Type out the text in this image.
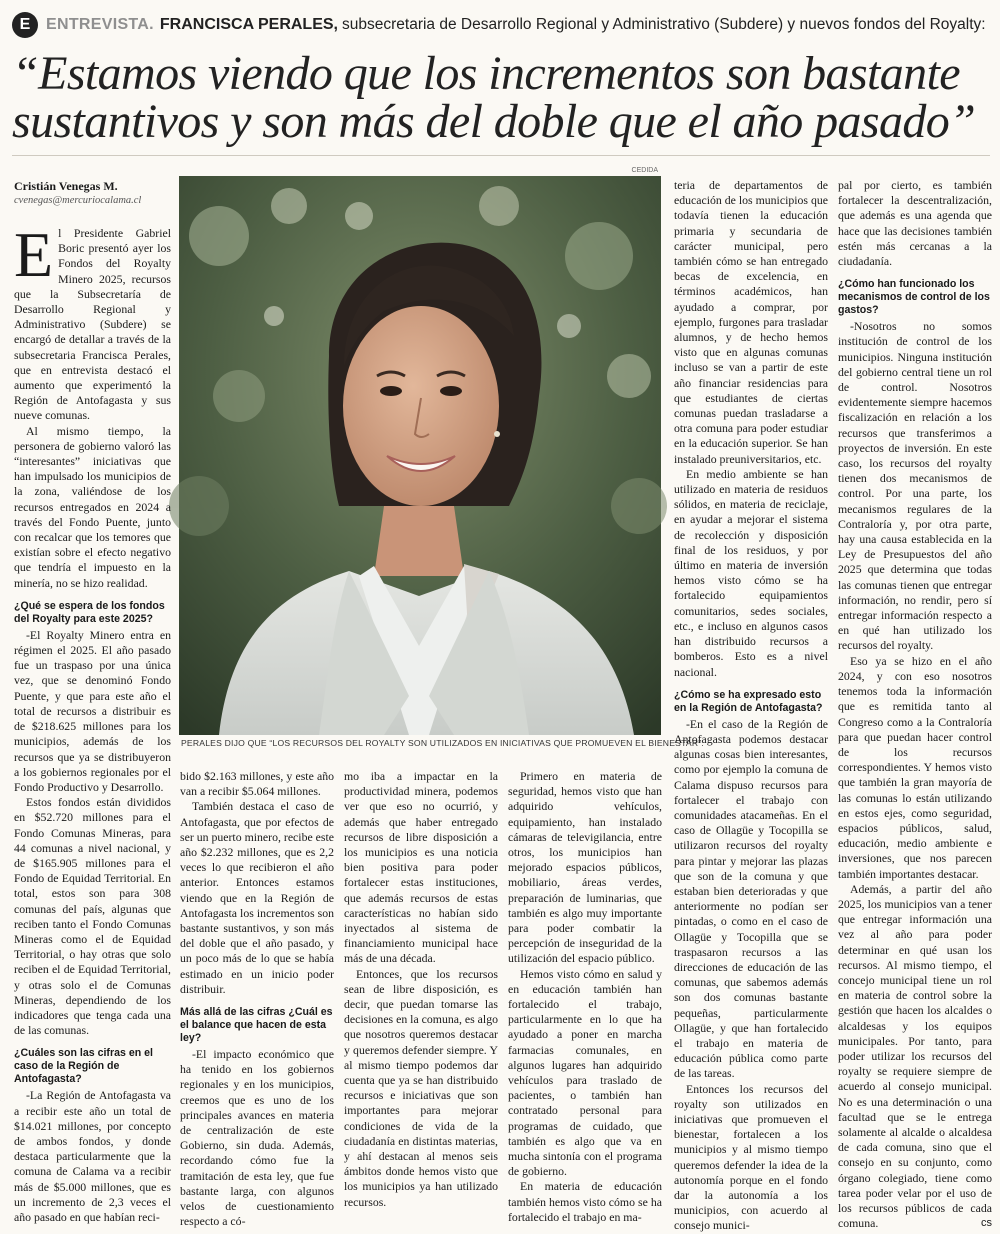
E ENTREVISTA. FRANCISCA PERALES, subsecretaria de Desarrollo Regional y Administrativo (Subdere) y nuevos fondos del Royalty:
“Estamos viendo que los incrementos son bastante
sustantivos y son más del doble que el año pasado”
Cristián Venegas M.
cvenegas@mercuriocalama.cl
CEDIDA
PERALES DIJO QUE “LOS RECURSOS DEL ROYALTY SON UTILIZADOS EN INICIATIVAS QUE PROMUEVEN EL BIENESTAR”.

El Presidente Gabriel Boric presentó ayer los Fondos del Royalty Minero 2025, recursos que la Subsecretaría de Desarrollo Regional y Administrativo (Subdere) se encargó de detallar a través de la subsecretaria Francisca Perales, que en entrevista destacó el aumento que experimentó la Región de Antofagasta y sus nueve comunas.

Al mismo tiempo, la personera de gobierno valoró las “interesantes” iniciativas que han impulsado los municipios de la zona, valiéndose de los recursos entregados en 2024 a través del Fondo Puente, junto con recalcar que los temores que existían sobre el efecto negativo que tendría el impuesto en la minería, no se hizo realidad.

¿Qué se espera de los fondos del Royalty para este 2025?

-El Royalty Minero entra en régimen el 2025. El año pasado fue un traspaso por una única vez, que se denominó Fondo Puente, y que para este año el total de recursos a distribuir es de $218.625 millones para los municipios, además de los recursos que ya se distribuyeron a los gobiernos regionales por el Fondo Productivo y Desarrollo.

Estos fondos están divididos en $52.720 millones para el Fondo Comunas Mineras, para 44 comunas a nivel nacional, y de $165.905 millones para el Fondo de Equidad Territorial. En total, estos son para 308 comunas del país, algunas que reciben tanto el Fondo Comunas Mineras como el de Equidad Territorial, o hay otras que solo reciben el de Equidad Territorial, y otras solo el de Comunas Mineras, dependiendo de los indicadores que tenga cada una de las comunas.

¿Cuáles son las cifras en el caso de la Región de Antofagasta?

-La Región de Antofagasta va a recibir este año un total de $14.021 millones, por concepto de ambos fondos, y donde destaca particularmente que la comuna de Calama va a recibir más de $5.000 millones, que es un incremento de 2,3 veces el año pasado en que habían reci-

bido $2.163 millones, y este año van a recibir $5.064 millones.

También destaca el caso de Antofagasta, que por efectos de ser un puerto minero, recibe este año $2.232 millones, que es 2,2 veces lo que recibieron el año anterior. Entonces estamos viendo que en la Región de Antofagasta los incrementos son bastante sustantivos, y son más del doble que el año pasado, y un poco más de lo que se había estimado en un inicio poder distribuir.

Más allá de las cifras ¿Cuál es el balance que hacen de esta ley?

-El impacto económico que ha tenido en los gobiernos regionales y en los municipios, creemos que es uno de los principales avances en materia de centralización de este Gobierno, sin duda. Además, recordando cómo fue la tramitación de esta ley, que fue bastante larga, con algunos velos de cuestionamiento respecto a có-

mo iba a impactar en la productividad minera, podemos ver que eso no ocurrió, y además que haber entregado recursos de libre disposición a los municipios es una noticia bien positiva para poder fortalecer estas instituciones, que además recursos de estas características no habían sido inyectados al sistema de financiamiento municipal hace más de una década.

Entonces, que los recursos sean de libre disposición, es decir, que puedan tomarse las decisiones en la comuna, es algo que nosotros queremos destacar y queremos defender siempre. Y al mismo tiempo podemos dar cuenta que ya se han distribuido recursos e iniciativas que son importantes para mejorar condiciones de vida de la ciudadanía en distintas materias, y ahí destacan al menos seis ámbitos donde hemos visto que los municipios ya han utilizado recursos.

Primero en materia de seguridad, hemos visto que han adquirido vehículos, equipamiento, han instalado cámaras de televigilancia, entre otros, los municipios han mejorado espacios públicos, mobiliario, áreas verdes, preparación de luminarias, que también es algo muy importante para poder combatir la percepción de inseguridad de la utilización del espacio público.

Hemos visto cómo en salud y en educación también han fortalecido el trabajo, particularmente en lo que ha ayudado a poner en marcha farmacias comunales, en algunos lugares han adquirido vehículos para traslado de pacientes, o también han contratado personal para programas de cuidado, que también es algo que va en mucha sintonía con el programa de gobierno.

En materia de educación también hemos visto cómo se ha fortalecido el trabajo en ma-

teria de departamentos de educación de los municipios que todavía tienen la educación primaria y secundaria de carácter municipal, pero también cómo se han entregado becas de excelencia, en términos académicos, han ayudado a comprar, por ejemplo, furgones para trasladar alumnos, y de hecho hemos visto que en algunas comunas incluso se van a partir de este año financiar residencias para que estudiantes de ciertas comunas puedan trasladarse a otra comuna para poder estudiar en la educación superior. Se han instalado preuniversitarios, etc.

En medio ambiente se han utilizado en materia de residuos sólidos, en materia de reciclaje, en ayudar a mejorar el sistema de recolección y disposición final de los residuos, y por último en materia de inversión hemos visto cómo se ha fortalecido equipamientos comunitarios, sedes sociales, etc., e incluso en algunos casos han distribuido recursos a bomberos. Esto es a nivel nacional.

¿Cómo se ha expresado esto en la Región de Antofagasta?

-En el caso de la Región de Antofagasta podemos destacar algunas cosas bien interesantes, como por ejemplo la comuna de Calama dispuso recursos para fortalecer el trabajo con comunidades atacameñas. En el caso de Ollagüe y Tocopilla se utilizaron recursos del royalty para pintar y mejorar las plazas que son de la comuna y que estaban bien deterioradas y que anteriormente no podían ser pintadas, o como en el caso de Ollagüe y Tocopilla que se traspasaron recursos a las direcciones de educación de las comunas, que sabemos además son dos comunas bastante pequeñas, particularmente Ollagüe, y que han fortalecido el trabajo en materia de educación pública como parte de las tareas.

Entonces los recursos del royalty son utilizados en iniciativas que promueven el bienestar, fortalecen a los municipios y al mismo tiempo queremos defender la idea de la autonomía porque en el fondo dar la autonomía a los municipios, con acuerdo al consejo munici-

pal por cierto, es también fortalecer la descentralización, que además es una agenda que hace que las decisiones también estén más cercanas a la ciudadanía.

¿Cómo han funcionado los mecanismos de control de los gastos?

-Nosotros no somos institución de control de los municipios. Ninguna institución del gobierno central tiene un rol de control. Nosotros evidentemente siempre hacemos fiscalización en relación a los recursos que transferimos a proyectos de inversión. En este caso, los recursos del royalty tienen dos mecanismos de control. Por una parte, los mecanismos regulares de la Contraloría y, por otra parte, hay una causa establecida en la Ley de Presupuestos del año 2025 que determina que todas las comunas tienen que entregar información, no rendir, pero sí entregar información respecto a en qué han utilizado los recursos del royalty.

Eso ya se hizo en el año 2024, y con eso nosotros tenemos toda la información que es remitida tanto al Congreso como a la Contraloría para que puedan hacer control de los recursos correspondientes. Y hemos visto que también la gran mayoría de las comunas lo están utilizando en estos ejes, como seguridad, espacios públicos, salud, educación, medio ambiente e inversiones, que nos parecen también importantes destacar.

Además, a partir del año 2025, los municipios van a tener que entregar información una vez al año para poder determinar en qué usan los recursos. Al mismo tiempo, el concejo municipal tiene un rol en materia de control sobre la gestión que hacen los alcaldes o alcaldesas y los equipos municipales. Por tanto, para poder utilizar los recursos del royalty se requiere siempre de acuerdo al consejo municipal. No es una determinación o una facultad que se le entrega solamente al alcalde o alcaldesa de cada comuna, sino que el consejo en su conjunto, como órgano colegiado, tiene como tarea poder velar por el uso de los recursos públicos de cada comuna.	cs
